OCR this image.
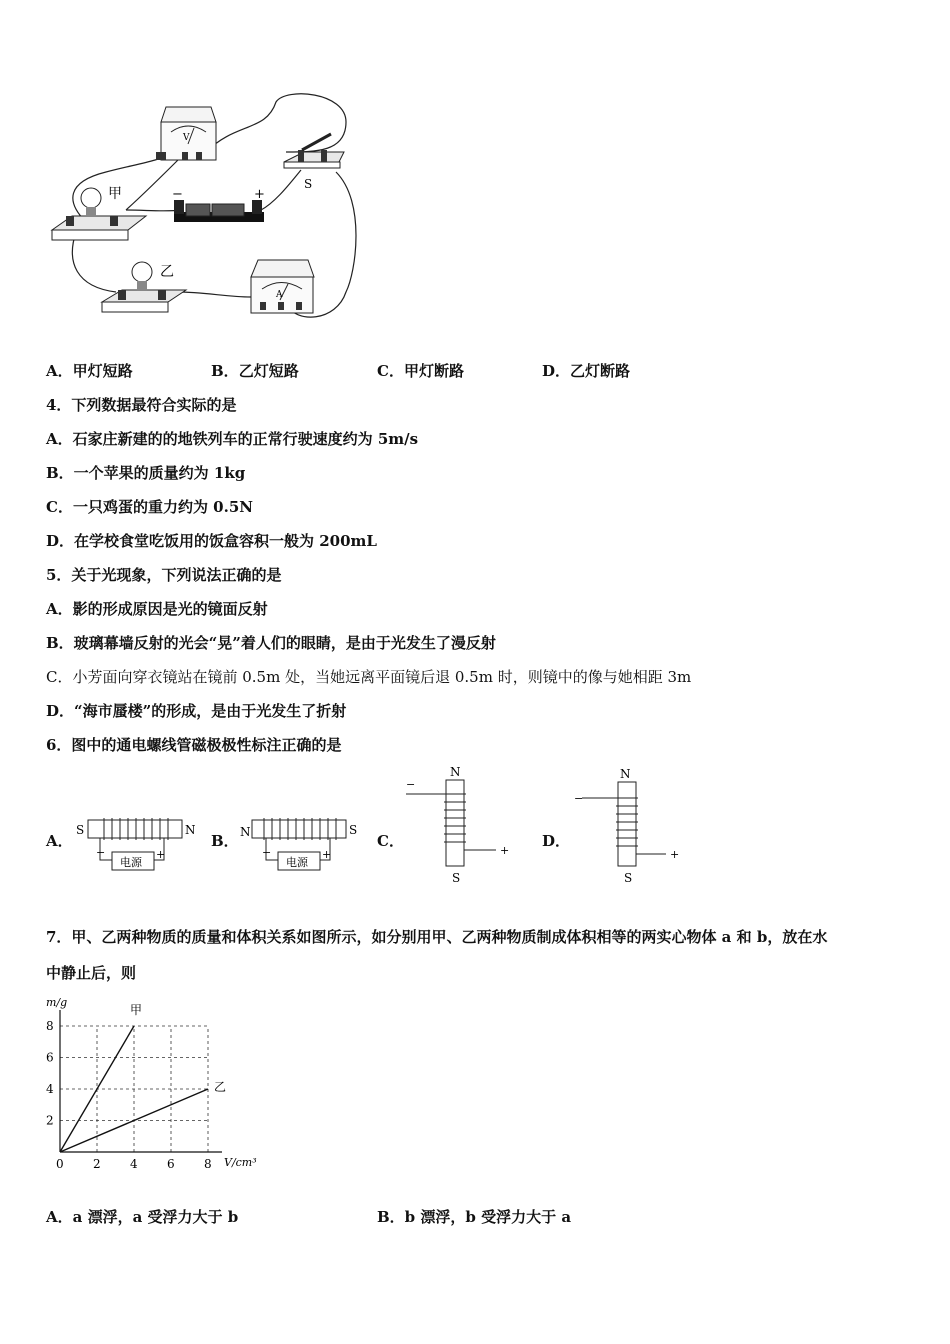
V
S
甲	−	+
乙
A
A．甲灯短路	B．乙灯短路	C．甲灯断路	D．乙灯断路
4．下列数据最符合实际的是
A．石家庄新建的的地铁列车的正常行驶速度约为 5m/s
B．一个苹果的质量约为 1kg
C．一只鸡蛋的重力约为 0.5N
D．在学校食堂吃饭用的饭盒容积一般为 200mL
5．关于光现象，下列说法正确的是
A．影的形成原因是光的镜面反射
B．玻璃幕墙反射的光会“晃”着人们的眼睛，是由于光发生了漫反射
C．小芳面向穿衣镜站在镜前 0.5m 处，当她远离平面镜后退 0.5m 时，则镜中的像与她相距 3m
D．“海市蜃楼”的形成，是由于光发生了折射
6．图中的通电螺线管磁极极性标注正确的是
A．
S	N
电源
−	+
B． N	S
电源
−	+
C．
N
−
+
S
D．
N
−
+
S
7．甲、乙两种物质的质量和体积关系如图所示，如分别用甲、乙两种物质制成体积相等的两实心物体 a 和 b，放在水
中静止后，则
0 2 4 6 8
2
4
6
8
V/cm³
m/g
甲
乙
A．a 漂浮，a 受浮力大于 b	B．b 漂浮，b 受浮力大于 a
